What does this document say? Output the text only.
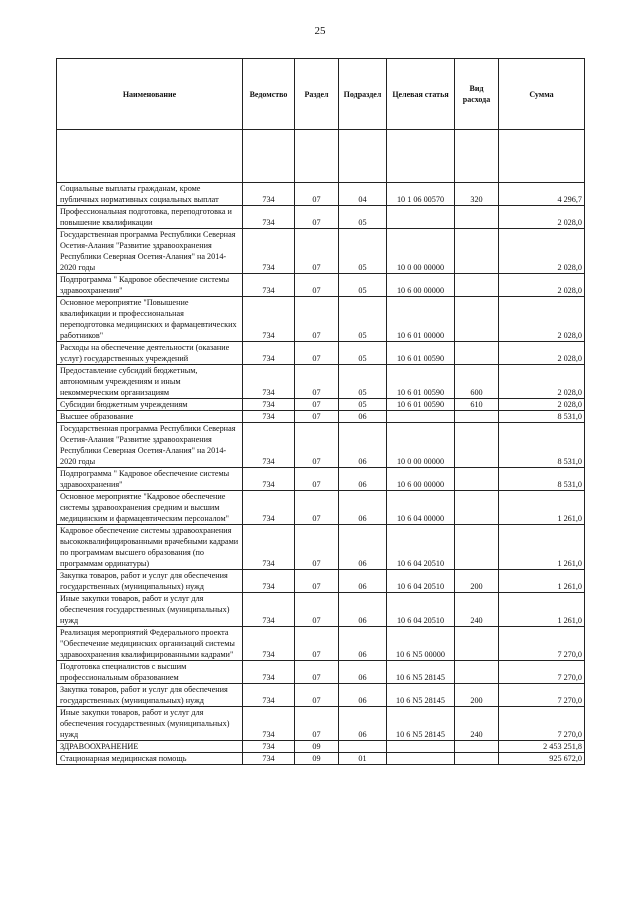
25
Наименование	Ведомство	Раздел	Подраздел	Целевая статья	Вид расхода	Сумма

Социальные выплаты гражданам, кроме публичных нормативных социальных выплат	734	07	04	10 1 06 00570	320	4 296,7
Профессиональная подготовка, переподготовка и повышение квалификации	734	07	05			2 028,0
Государственная программа Республики Северная Осетия-Алания "Развитие здравоохранения Республики Северная Осетия-Алания" на 2014-2020 годы	734	07	05	10 0 00 00000		2 028,0
Подпрограмма " Кадровое обеспечение системы здравоохранения"	734	07	05	10 6 00 00000		2 028,0
Основное мероприятие "Повышение квалификации и профессиональная переподготовка медицинских и фармацевтических работников"	734	07	05	10 6 01 00000		2 028,0
Расходы на обеспечение деятельности (оказание услуг) государственных учреждений	734	07	05	10 6 01 00590		2 028,0
Предоставление субсидий бюджетным, автономным учреждениям и иным некоммерческим организациям	734	07	05	10 6 01 00590	600	2 028,0
Субсидии бюджетным учреждениям	734	07	05	10 6 01 00590	610	2 028,0
Высшее образование	734	07	06			8 531,0
Государственная программа Республики Северная Осетия-Алания "Развитие здравоохранения Республики Северная Осетия-Алания" на 2014-2020 годы	734	07	06	10 0 00 00000		8 531,0
Подпрограмма " Кадровое обеспечение системы здравоохранения"	734	07	06	10 6 00 00000		8 531,0
Основное мероприятие "Кадровое обеспечение системы здравоохранения средним и высшим медицинским и фармацевтическим персоналом"	734	07	06	10 6 04 00000		1 261,0
Кадровое обеспечение системы здравоохранения высококвалифицированными врачебными кадрами по программам высшего образования (по программам ординатуры)	734	07	06	10 6 04 20510		1 261,0
Закупка товаров, работ и услуг для обеспечения государственных (муниципальных) нужд	734	07	06	10 6 04 20510	200	1 261,0
Иные закупки товаров, работ и услуг для обеспечения государственных (муниципальных) нужд	734	07	06	10 6 04 20510	240	1 261,0
Реализация мероприятий Федерального проекта "Обеспечение медицинских организаций системы здравоохранения квалифицированными кадрами"	734	07	06	10 6 N5 00000		7 270,0
Подготовка специалистов с высшим профессиональным образованием	734	07	06	10 6 N5 28145		7 270,0
Закупка товаров, работ и услуг для обеспечения государственных (муниципальных) нужд	734	07	06	10 6 N5 28145	200	7 270,0
Иные закупки товаров, работ и услуг для обеспечения государственных (муниципальных) нужд	734	07	06	10 6 N5 28145	240	7 270,0
ЗДРАВООХРАНЕНИЕ	734	09				2 453 251,8
Стационарная медицинская помощь	734	09	01			925 672,0
